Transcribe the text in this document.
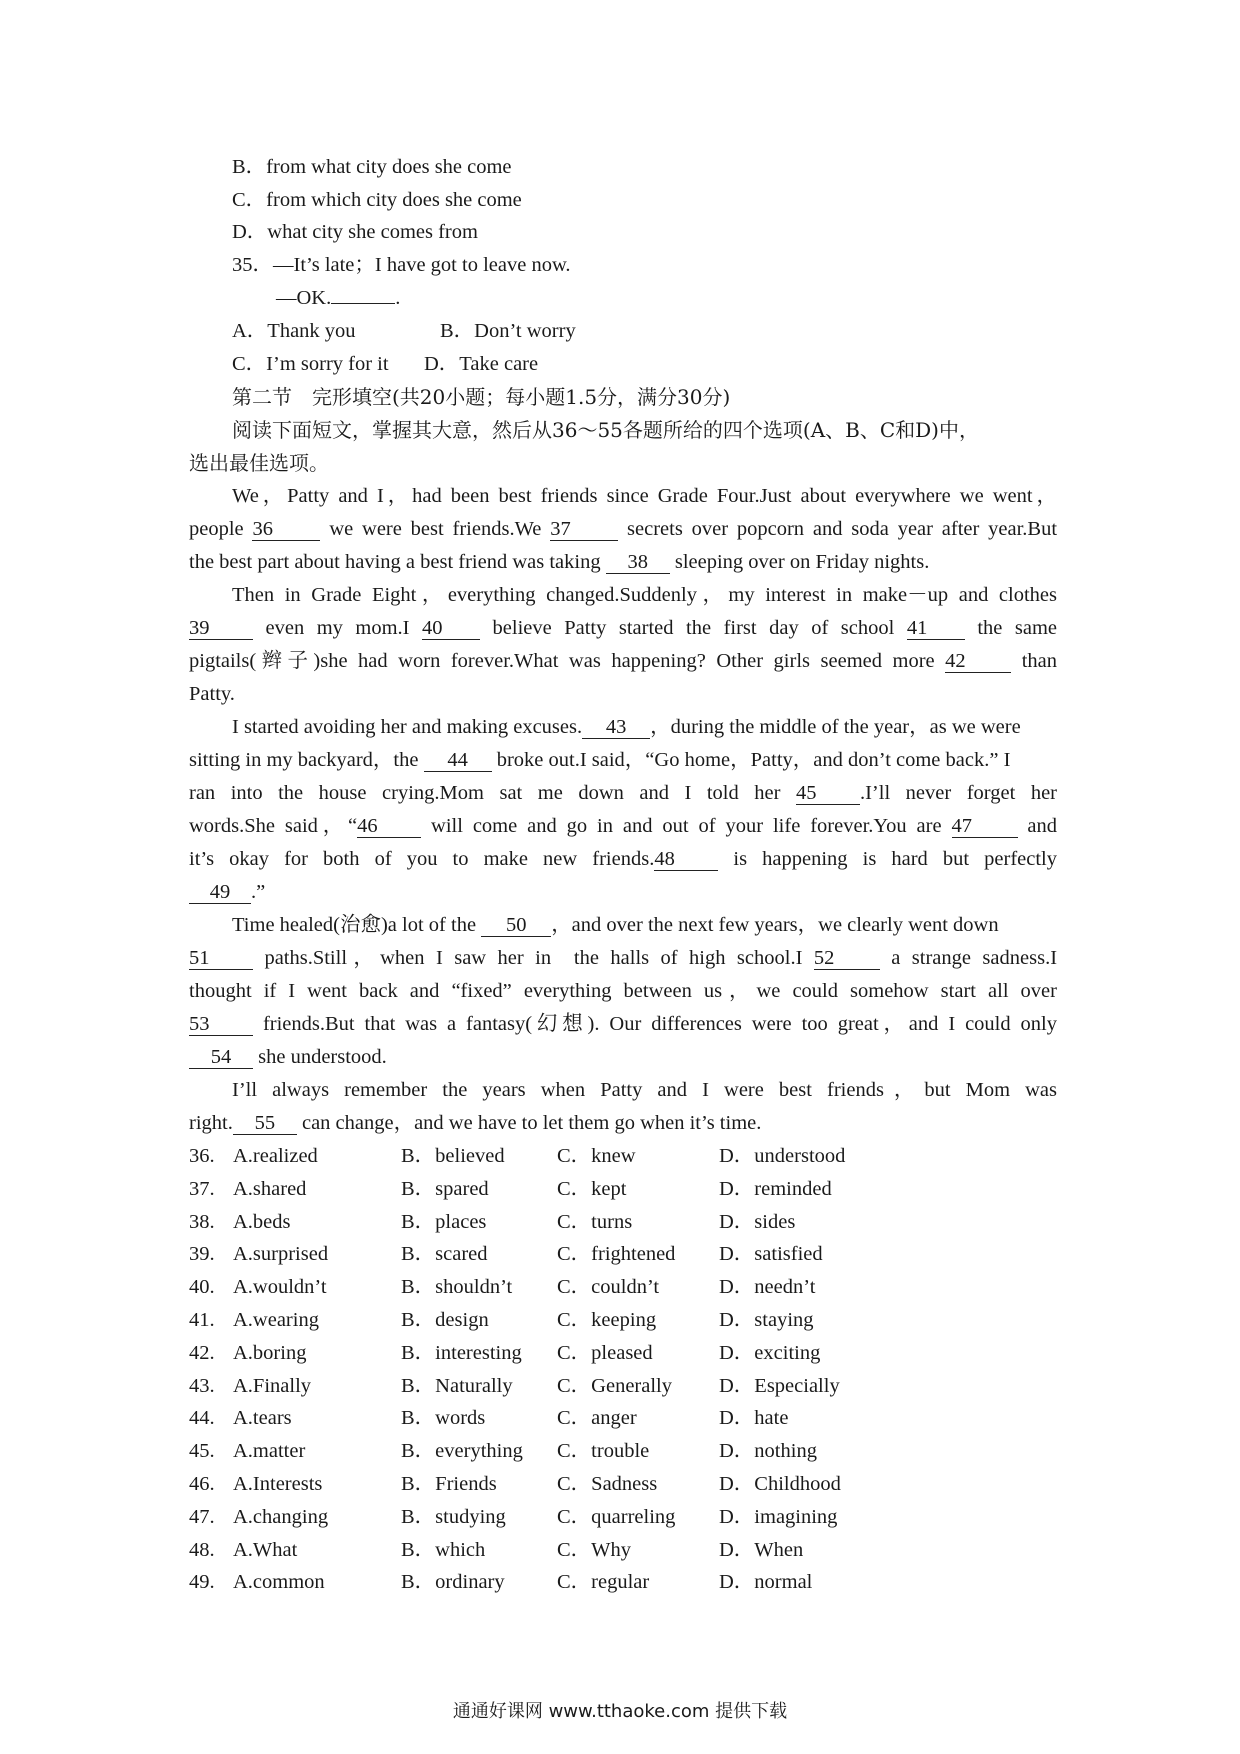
B．from what city does she come
C．from which city does she come
D．what city she comes from
35．—It’s late；I have got to leave now.
—OK.	.
A．Thank you	B．Don’t worry
C．I’m sorry for it D．Take care
第二节　完形填空(共20小题；每小题1.5分，满分30分)
阅读下面短文，掌握其大意，然后从36～55各题所给的四个选项(A、B、C和D)中，
选出最佳选项。
We，Patty and I，had been best friends since Grade Four.Just about everywhere we went，
people 36	we were best friends.We 37	secrets over popcorn and soda year after year.But
the best part about having a best friend was taking 38 sleeping over on Friday nights.
Then in Grade Eight，everything changed.Suddenly，my interest in make－up and clothes
39	even my mom.I 40 believe Patty started the first day of school 41 the same
pigtails(辫子)she had worn forever.What was happening? Other girls seemed more 42	than
Patty.
I started avoiding her and making excuses. 43 ，during the middle of the year，as we were
sitting in my backyard，the 44 broke out.I said，“Go home，Patty，and don’t come back.” I
ran into the house crying.Mom sat me down and I told her 45 .I’ll never forget her
words.She said，“46	will come and go in and out of your life forever.You are 47	and
it’s okay for both of you to make new friends.48	is happening is hard but perfectly
49 .”
Time healed(治愈)a lot of the 50 ，and over the next few years，we clearly went down
51	paths.Still，when I saw her in  the halls of high school.I 52	a strange sadness.I
thought if I went back and “fixed” everything between us，we could somehow start all over
53	friends.But that was a fantasy(幻想). Our differences were too great，and I could only
54 she understood.
I’ll always remember the years when Patty and I were best friends，but Mom was
right. 55 can change，and we have to let them go when it’s time.
36. A.realized	B．believed	C．knew	D．understood
37. A.shared	B．spared	C．kept	D．reminded
38. A.beds	B．places	C．turns	D．sides
39. A.surprised	B．scared	C．frightened D．satisfied
40. A.wouldn’t	B．shouldn’t C．couldn’t	D．needn’t
41. A.wearing	B．design	C．keeping	D．staying
42. A.boring	B．interesting C．pleased	D．exciting
43. A.Finally	B．Naturally C．Generally D．Especially
44. A.tears	B．words	C．anger	D．hate
45. A.matter	B．everything C．trouble	D．nothing
46. A.Interests	B．Friends	C．Sadness	D．Childhood
47. A.changing	B．studying C．quarreling D．imagining
48. A.What	B．which	C．Why	D．When
49. A.common	B．ordinary	C．regular	D．normal
通通好课网 www.tthaoke.com 提供下载
